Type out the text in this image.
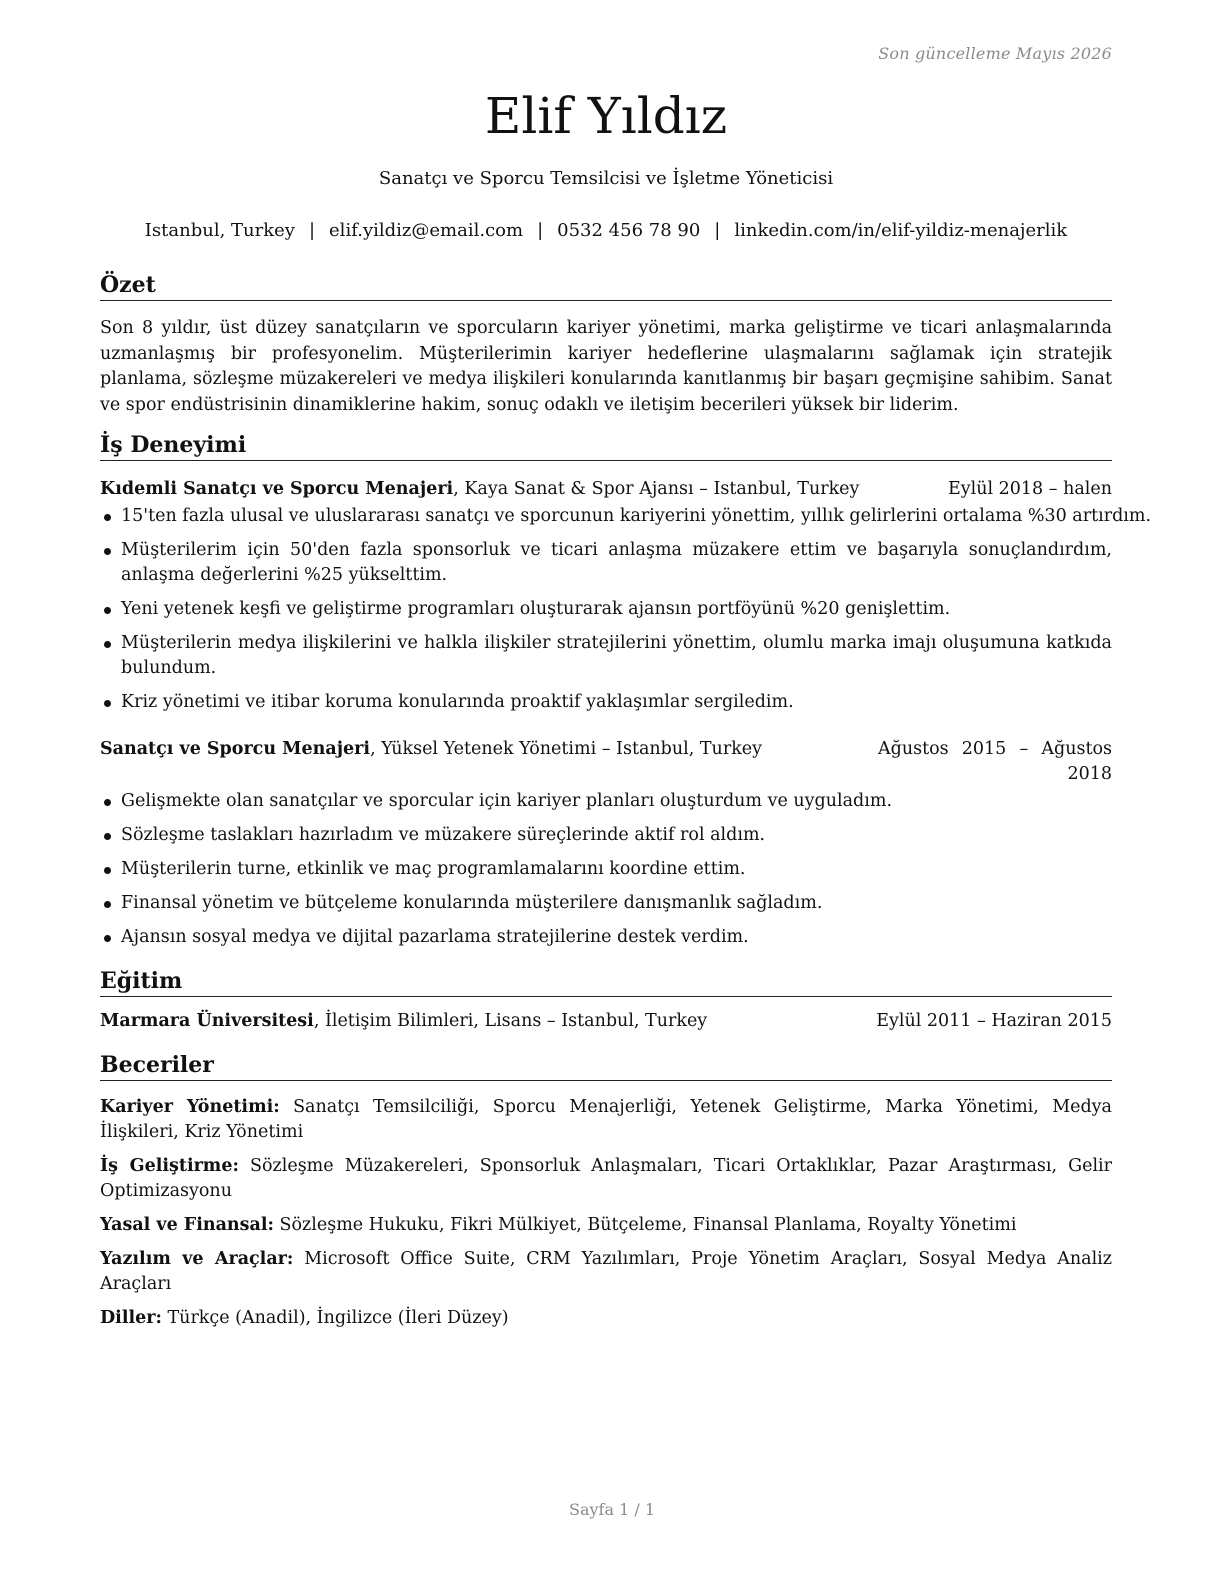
Son güncelleme Mayıs 2026
Elif Yıldız
Sanatçı ve Sporcu Temsilcisi ve İşletme Yöneticisi
Istanbul, Turkey | elif.yildiz@email.com | 0532 456 78 90 | linkedin.com/in/elif-yildiz-menajerlik
Özet
Son 8 yıldır, üst düzey sanatçıların ve sporcuların kariyer yönetimi, marka geliştirme ve ticari anlaşmalarında uzmanlaşmış bir profesyonelim. Müşterilerimin kariyer hedeflerine ulaşmalarını sağlamak için stratejik planlama, sözleşme müzakereleri ve medya ilişkileri konularında kanıtlanmış bir başarı geçmişine sahibim. Sanat ve spor endüstrisinin dinamiklerine hakim, sonuç odaklı ve iletişim becerileri yüksek bir liderim.
İş Deneyimi
Kıdemli Sanatçı ve Sporcu Menajeri, Kaya Sanat & Spor Ajansı – Istanbul, Turkey	Eylül 2018 – halen
15'ten fazla ulusal ve uluslararası sanatçı ve sporcunun kariyerini yönettim, yıllık gelirlerini ortalama %30 artırdım.
Müşterilerim için 50'den fazla sponsorluk ve ticari anlaşma müzakere ettim ve başarıyla sonuçlandırdım, anlaşma değerlerini %25 yükselttim.
Yeni yetenek keşfi ve geliştirme programları oluşturarak ajansın portföyünü %20 genişlettim.
Müşterilerin medya ilişkilerini ve halkla ilişkiler stratejilerini yönettim, olumlu marka imajı oluşumuna katkıda bulundum.
Kriz yönetimi ve itibar koruma konularında proaktif yaklaşımlar sergiledim.
Sanatçı ve Sporcu Menajeri, Yüksel Yetenek Yönetimi – Istanbul, Turkey	Ağustos 2015 – Ağustos 2018
Gelişmekte olan sanatçılar ve sporcular için kariyer planları oluşturdum ve uyguladım.
Sözleşme taslakları hazırladım ve müzakere süreçlerinde aktif rol aldım.
Müşterilerin turne, etkinlik ve maç programlamalarını koordine ettim.
Finansal yönetim ve bütçeleme konularında müşterilere danışmanlık sağladım.
Ajansın sosyal medya ve dijital pazarlama stratejilerine destek verdim.
Eğitim
Marmara Üniversitesi, İletişim Bilimleri, Lisans – Istanbul, Turkey	Eylül 2011 – Haziran 2015
Beceriler
Kariyer Yönetimi: Sanatçı Temsilciliği, Sporcu Menajerliği, Yetenek Geliştirme, Marka Yönetimi, Medya İlişkileri, Kriz Yönetimi
İş Geliştirme: Sözleşme Müzakereleri, Sponsorluk Anlaşmaları, Ticari Ortaklıklar, Pazar Araştırması, Gelir Optimizasyonu
Yasal ve Finansal: Sözleşme Hukuku, Fikri Mülkiyet, Bütçeleme, Finansal Planlama, Royalty Yönetimi
Yazılım ve Araçlar: Microsoft Office Suite, CRM Yazılımları, Proje Yönetim Araçları, Sosyal Medya Analiz Araçları
Diller: Türkçe (Anadil), İngilizce (İleri Düzey)
Sayfa 1 / 1
